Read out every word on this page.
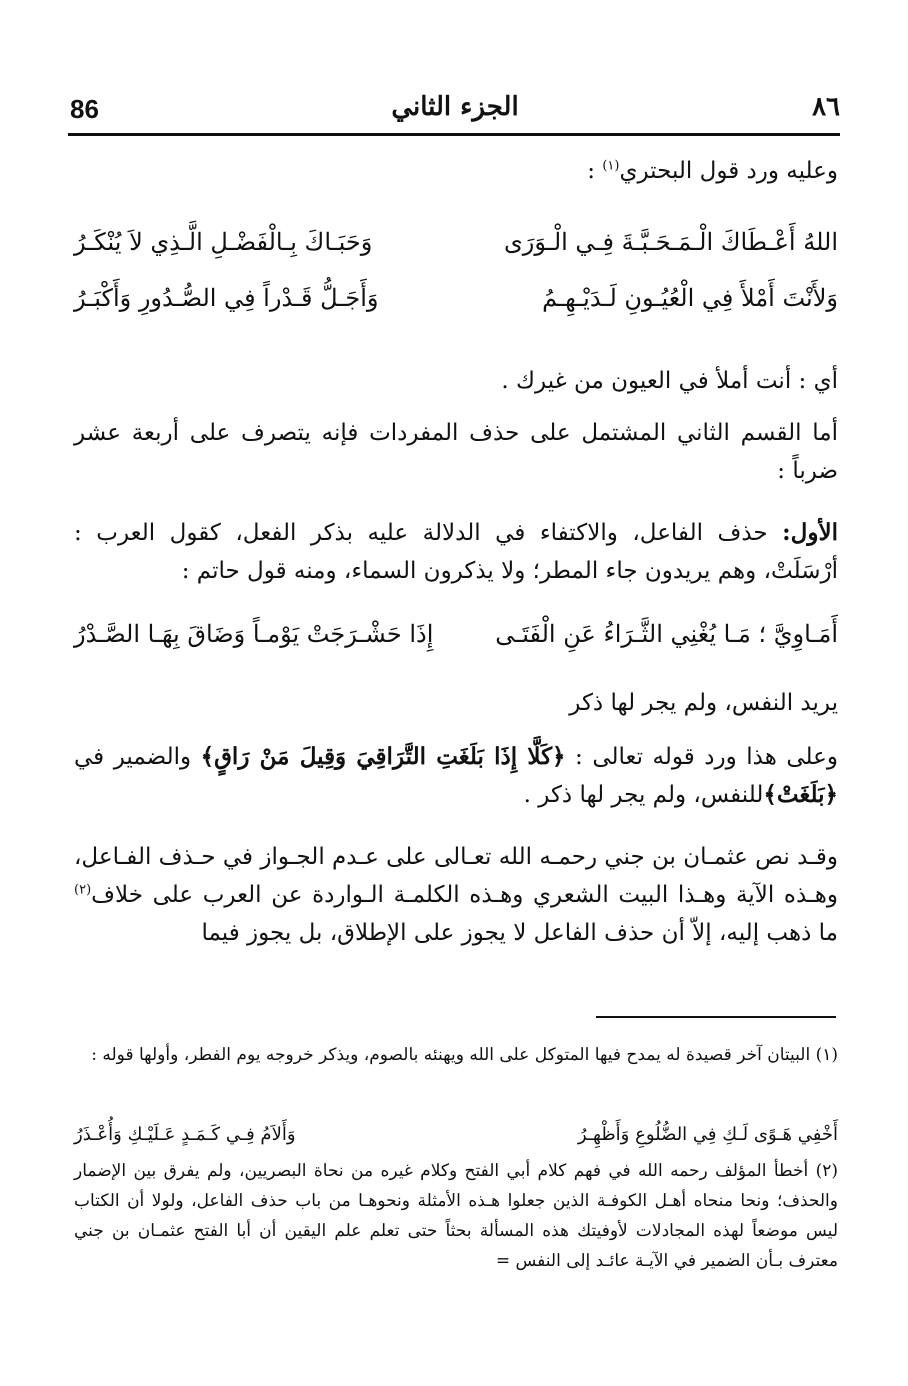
86	الجزء الثاني	٨٦
وعليه ورد قول البحتري$^{(١)}$ :
اللهُ أَعْـطَاكَ الْـمَـحَـبَّـةَ فِـي الْـوَرَى
وَحَبَـاكَ بِـالْفَضْـلِ الَّـذِي لاَ يُنْكَـرُ
وَلأَنْتَ أَمْلأَ فِي الْعُيُـونِ لَـدَيْـهِـمُ
وَأَجَـلُّ قَـدْراً فِي الصُّـدُورِ وَأَكْبَـرُ
أي : أنت أملأ في العيون من غيرك .
أما القسم الثاني المشتمل على حذف المفردات فإنه يتصرف على أربعة عشر ضرباً :
الأول: حذف الفاعل، والاكتفاء في الدلالة عليه بذكر الفعل، كقول العرب : أرْسَلَتْ، وهم يريدون جاء المطر؛ ولا يذكرون السماء، ومنه قول حاتم :
أَمَـاوِيَّ ؛ مَـا يُغْنِي الثَّـرَاءُ عَنِ الْفَتَـى
إِذَا حَشْـرَجَتْ يَوْمـاً وَضَاقَ بِهَـا الصَّـدْرُ
يريد النفس، ولم يجر لها ذكر
وعلى هذا ورد قوله تعالى : ﴿كَلَّا إِذَا بَلَغَتِ التَّرَاقِيَ وَقِيلَ مَنْ رَاقٍ﴾ والضمير في ﴿بَلَغَتْ﴾للنفس، ولم يجر لها ذكر .
وقـد نص عثمـان بن جني رحمـه الله تعـالى على عـدم الجـواز في حـذف الفـاعل، وهـذه الآية وهـذا البيت الشعري وهـذه الكلمـة الـواردة عن العرب على خلاف$^{(٢)}$ ما ذهب إليه، إلاّ أن حذف الفاعل لا يجوز على الإطلاق، بل يجوز فيما
(١) البيتان آخر قصيدة له يمدح فيها المتوكل على الله ويهنئه بالصوم، ويذكر خروجه يوم الفطر، وأولها قوله :
أَخْفِي هَـوًى لَـكِ فِي الضُّلُوعِ وَأَظْهِـرُ
وَأَلاَمُ فِـي كَـمَـدٍ عَـلَيْـكِ وَأُعْـذَرُ
(٢) أخطأ المؤلف رحمه الله في فهم كلام أبي الفتح وكلام غيره من نحاة البصريين، ولم يفرق بين الإضمار والحذف؛ ونحا منحاه أهـل الكوفـة الذين جعلوا هـذه الأمثلة ونحوهـا من باب حذف الفاعل، ولولا أن الكتاب ليس موضعاً لهذه المجادلات لأوفيتك هذه المسألة بحثاً حتى تعلم علم اليقين أن أبا الفتح عثمـان بن جني معترف بـأن الضمير في الآيـة عائـد إلى النفس =
